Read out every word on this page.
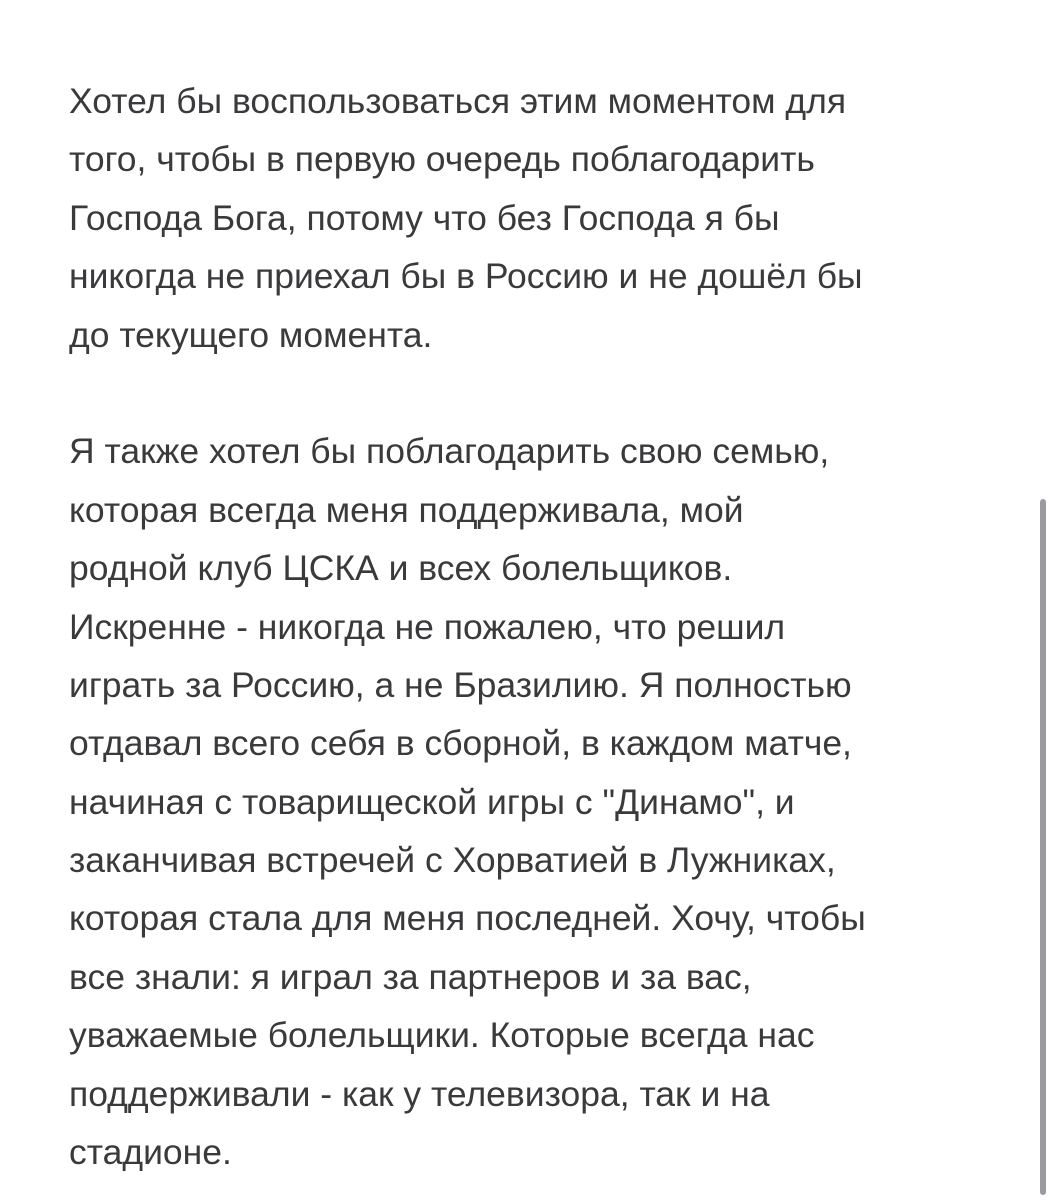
Хотел бы воспользоваться этим моментом для
того, чтобы в первую очередь поблагодарить
Господа Бога, потому что без Господа я бы
никогда не приехал бы в Россию и не дошёл бы
до текущего момента.
Я также хотел бы поблагодарить свою семью,
которая всегда меня поддерживала, мой
родной клуб ЦСКА и всех болельщиков.
Искренне - никогда не пожалею, что решил
играть за Россию, а не Бразилию. Я полностью
отдавал всего себя в сборной, в каждом матче,
начиная с товарищеской игры с "Динамо", и
заканчивая встречей с Хорватией в Лужниках,
которая стала для меня последней. Хочу, чтобы
все знали: я играл за партнеров и за вас,
уважаемые болельщики. Которые всегда нас
поддерживали - как у телевизора, так и на
стадионе.
